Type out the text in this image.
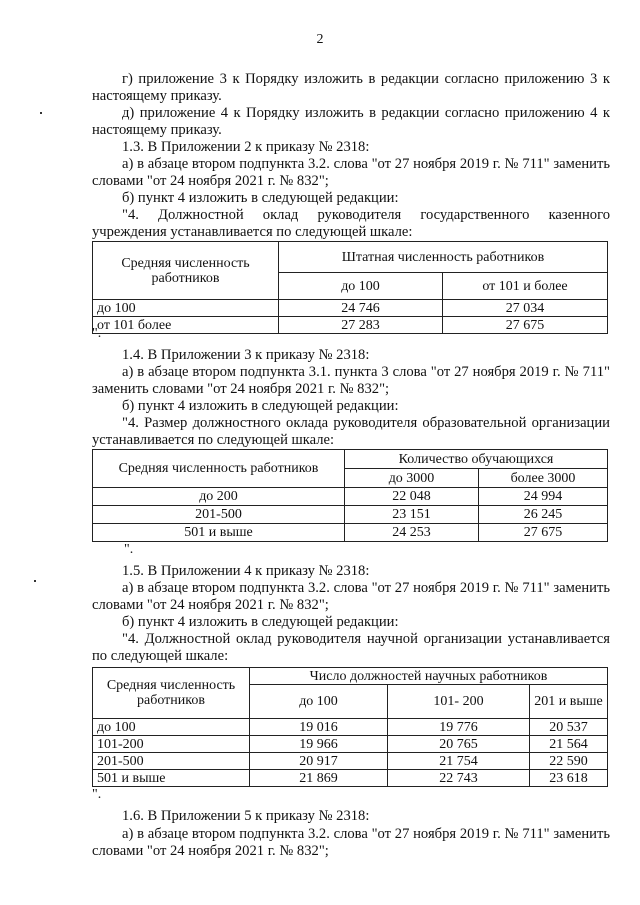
2
г) приложение 3 к Порядку изложить в редакции согласно приложению 3 к настоящему приказу.
д) приложение 4 к Порядку изложить в редакции согласно приложению 4 к настоящему приказу.
1.3. В Приложении 2 к приказу № 2318:
а) в абзаце втором подпункта 3.2. слова "от 27 ноября 2019 г. № 711" заменить словами "от 24 ноября 2021 г. № 832";
б) пункт 4 изложить в следующей редакции:
"4. Должностной оклад руководителя государственного казенного учреждения устанавливается по следующей шкале:
Средняя численность работников	Штатная численность работников	
	до 100	от 101 и более
до 100	24 746	27 034
от 101 более	27 283	27 675
".
1.4. В Приложении 3 к приказу № 2318:
а) в абзаце втором подпункта 3.1. пункта 3 слова "от 27 ноября 2019 г. № 711" заменить словами "от 24 ноября 2021 г. № 832";
б) пункт 4 изложить в следующей редакции:
"4. Размер должностного оклада руководителя образовательной организации устанавливается по следующей шкале:
Средняя численность работников	Количество обучающихся	
	до 3000	более 3000
до 200	22 048	24 994
201-500	23 151	26 245
501 и выше	24 253	27 675
".
1.5. В Приложении 4 к приказу № 2318:
а) в абзаце втором подпункта 3.2. слова "от 27 ноября 2019 г. № 711" заменить словами "от 24 ноября 2021 г. № 832";
б) пункт 4 изложить в следующей редакции:
"4. Должностной оклад руководителя научной организации устанавливается по следующей шкале:
Средняя численность работников	Число должностей научных работников		
	до 100	101- 200	201 и выше
до 100	19 016	19 776	20 537
101-200	19 966	20 765	21 564
201-500	20 917	21 754	22 590
501 и выше	21 869	22 743	23 618
".
1.6. В Приложении 5 к приказу № 2318:
а) в абзаце втором подпункта 3.2. слова "от 27 ноября 2019 г. № 711" заменить словами "от 24 ноября 2021 г. № 832";
